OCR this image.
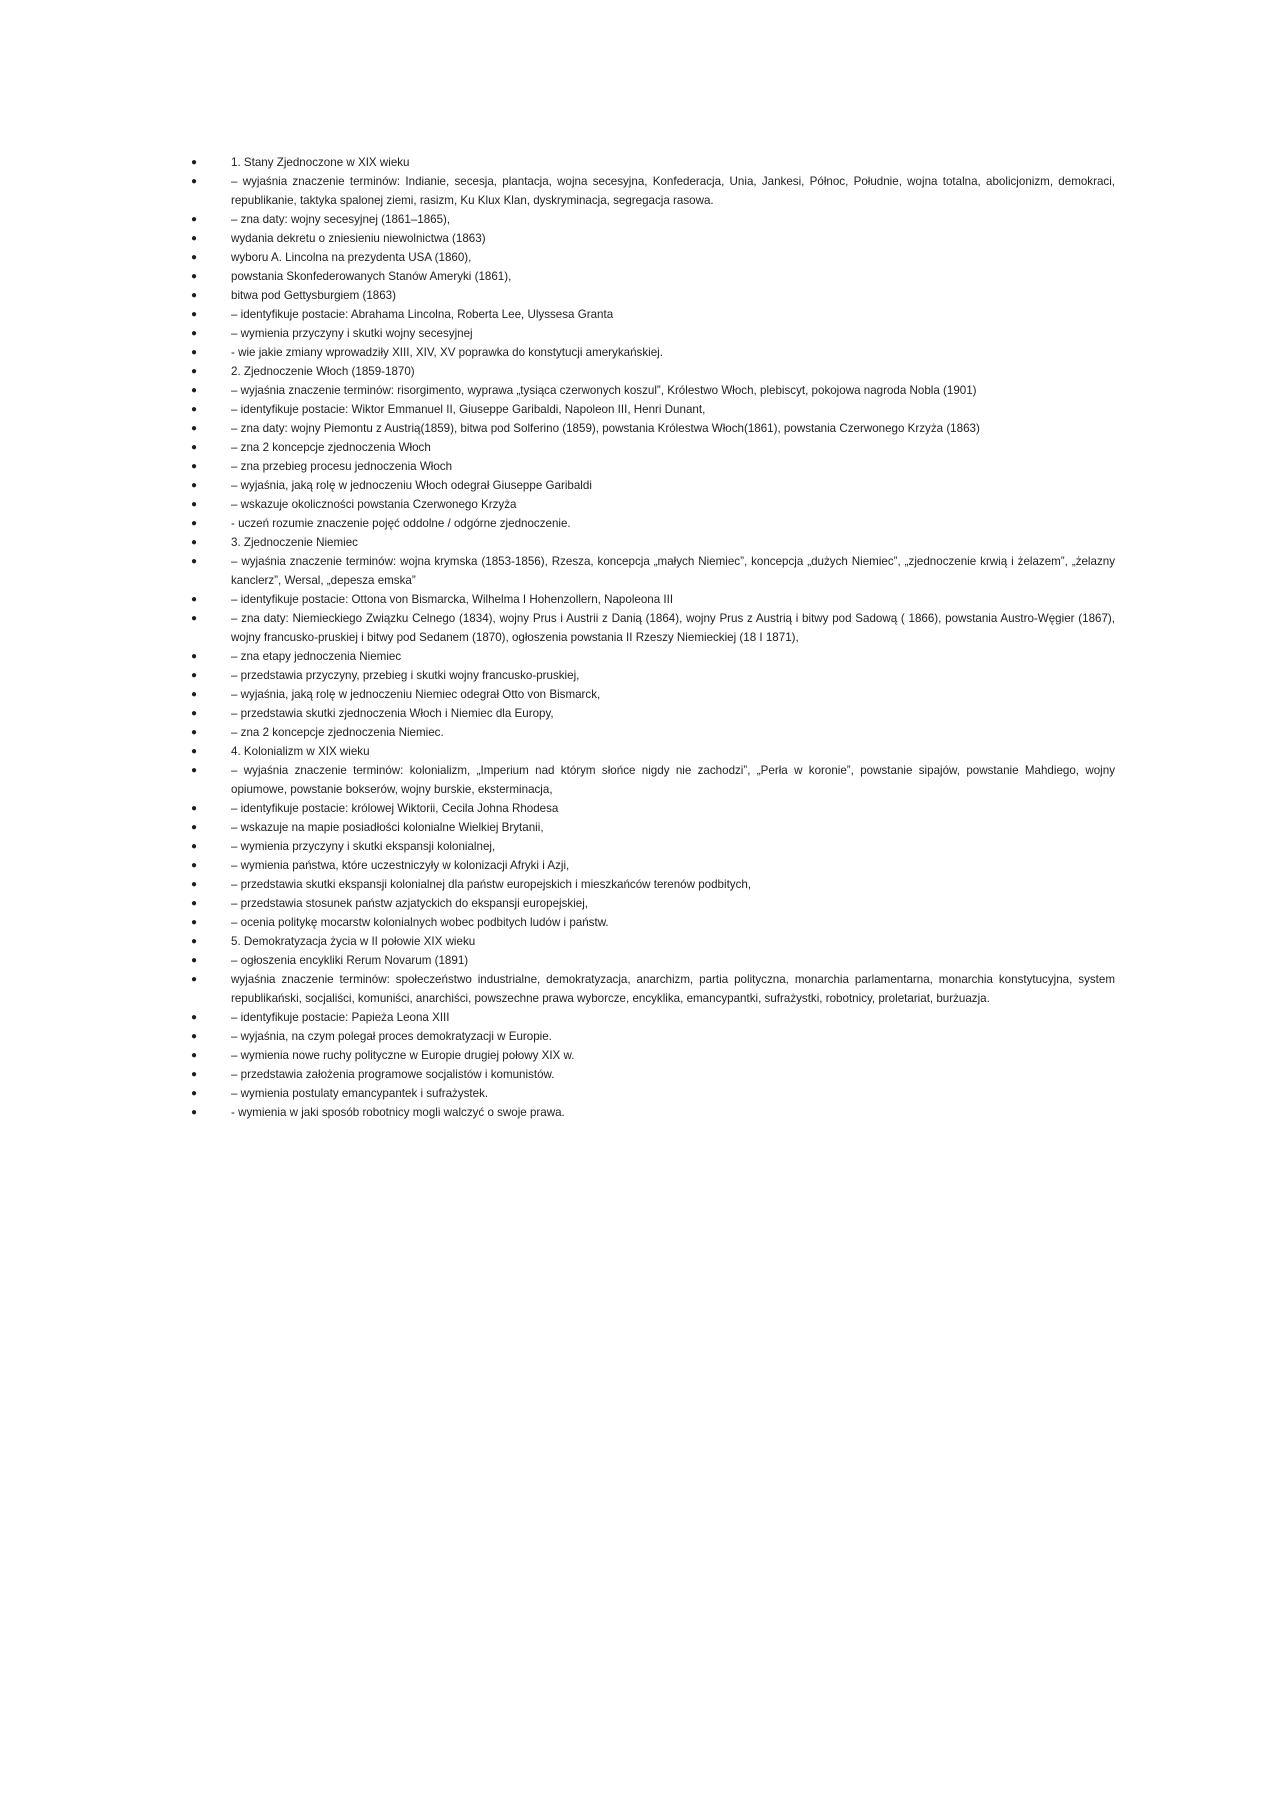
●	1. Stany Zjednoczone w XIX wieku
●	– wyjaśnia znaczenie terminów: Indianie, secesja, plantacja, wojna secesyjna, Konfederacja, Unia, Jankesi, Północ, Południe, wojna totalna, abolicjonizm, demokraci, republikanie, taktyka spalonej ziemi, rasizm, Ku Klux Klan, dyskryminacja, segregacja rasowa.
●	– zna daty: wojny secesyjnej (1861–1865),
●	wydania dekretu o zniesieniu niewolnictwa (1863)
●	wyboru A. Lincolna na prezydenta USA (1860),
●	powstania Skonfederowanych Stanów Ameryki (1861),
●	bitwa pod Gettysburgiem (1863)
●	– identyfikuje postacie: Abrahama Lincolna, Roberta Lee, Ulyssesa Granta
●	– wymienia przyczyny i skutki wojny secesyjnej
●	- wie jakie zmiany wprowadziły XIII, XIV, XV poprawka do konstytucji amerykańskiej.
●	2. Zjednoczenie Włoch (1859-1870)
●	– wyjaśnia znaczenie terminów: risorgimento, wyprawa „tysiąca czerwonych koszul”, Królestwo Włoch, plebiscyt, pokojowa nagroda Nobla (1901)
●	– identyfikuje postacie: Wiktor Emmanuel II, Giuseppe Garibaldi, Napoleon III, Henri Dunant,
●	– zna daty: wojny Piemontu z Austrią(1859), bitwa pod Solferino (1859), powstania Królestwa Włoch(1861), powstania Czerwonego Krzyża (1863)
●	– zna 2 koncepcje zjednoczenia Włoch
●	– zna przebieg procesu jednoczenia Włoch
●	– wyjaśnia, jaką rolę w jednoczeniu Włoch odegrał Giuseppe Garibaldi
●	– wskazuje okoliczności powstania Czerwonego Krzyża
●	- uczeń rozumie znaczenie pojęć oddolne / odgórne zjednoczenie.
●	3. Zjednoczenie Niemiec
●	– wyjaśnia znaczenie terminów: wojna krymska (1853-1856), Rzesza, koncepcja „małych Niemiec”, koncepcja „dużych Niemiec”, „zjednoczenie krwią i żelazem”, „żelazny kanclerz”, Wersal, „depesza emska”
●	– identyfikuje postacie: Ottona von Bismarcka, Wilhelma I Hohenzollern, Napoleona III
●	– zna daty: Niemieckiego Związku Celnego (1834), wojny Prus i Austrii z Danią (1864), wojny Prus z Austrią i bitwy pod Sadową ( 1866), powstania Austro-Węgier (1867), wojny francusko-pruskiej i bitwy pod Sedanem (1870), ogłoszenia powstania II Rzeszy Niemieckiej (18 I 1871),
●	– zna etapy jednoczenia Niemiec
●	– przedstawia przyczyny, przebieg i skutki wojny francusko-pruskiej,
●	– wyjaśnia, jaką rolę w jednoczeniu Niemiec odegrał Otto von Bismarck,
●	– przedstawia skutki zjednoczenia Włoch i Niemiec dla Europy,
●	– zna 2 koncepcje zjednoczenia Niemiec.
●	4. Kolonializm w XIX wieku
●	– wyjaśnia znaczenie terminów: kolonializm, „Imperium nad którym słońce nigdy nie zachodzi”, „Perła w koronie”, powstanie sipajów, powstanie Mahdiego, wojny opiumowe, powstanie bokserów, wojny burskie, eksterminacja,
●	– identyfikuje postacie: królowej Wiktorii, Cecila Johna Rhodesa
●	– wskazuje na mapie posiadłości kolonialne Wielkiej Brytanii,
●	– wymienia przyczyny i skutki ekspansji kolonialnej,
●	– wymienia państwa, które uczestniczyły w kolonizacji Afryki i Azji,
●	– przedstawia skutki ekspansji kolonialnej dla państw europejskich i mieszkańców terenów podbitych,
●	– przedstawia stosunek państw azjatyckich do ekspansji europejskiej,
●	– ocenia politykę mocarstw kolonialnych wobec podbitych ludów i państw.
●	5. Demokratyzacja życia w II połowie XIX wieku
●	– ogłoszenia encykliki Rerum Novarum (1891)
●	wyjaśnia znaczenie terminów: społeczeństwo industrialne, demokratyzacja, anarchizm, partia polityczna, monarchia parlamentarna, monarchia konstytucyjna, system republikański, socjaliści, komuniści, anarchiści, powszechne prawa wyborcze, encyklika, emancypantki, sufrażystki, robotnicy, proletariat, burżuazja.
●	– identyfikuje postacie: Papieża Leona XIII
●	– wyjaśnia, na czym polegał proces demokratyzacji w Europie.
●	– wymienia nowe ruchy polityczne w Europie drugiej połowy XIX w.
●	– przedstawia założenia programowe socjalistów i komunistów.
●	– wymienia postulaty emancypantek i sufrażystek.
●	- wymienia w jaki sposób robotnicy mogli walczyć o swoje prawa.
